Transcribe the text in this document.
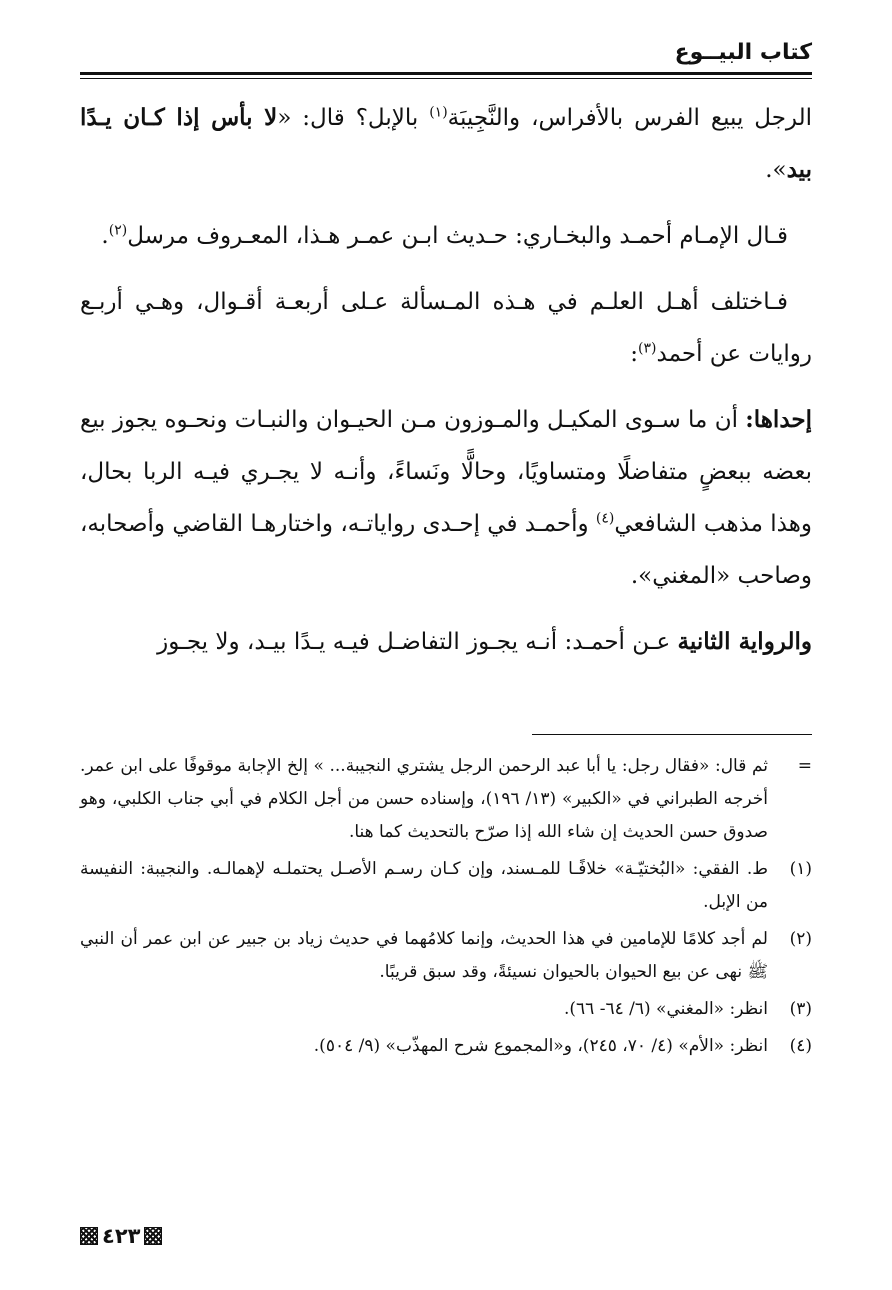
كتاب البيــوع

الرجل يبيع الفرس بالأفراس، والنَّجِيبَة$^{(١)}$ بالإبل؟ قال: «لا بأس إذا كـان يـدًا بيد».

قـال الإمـام أحمـد والبخـاري: حـديث ابـن عمـر هـذا، المعـروف مرسل$^{(٢)}$.

فـاختلف أهـل العلـم في هـذه المـسألة عـلى أربعـة أقـوال، وهـي أربـع روايات عن أحمد$^{(٣)}$:

إحداها: أن ما سـوى المكيـل والمـوزون مـن الحيـوان والنبـات ونحـوه يجوز بيع بعضه ببعضٍ متفاضلًا ومتساويًا، وحالًّا ونَساءً، وأنـه لا يجـري فيـه الربا بحال، وهذا مذهب الشافعي$^{(٤)}$ وأحمـد في إحـدى رواياتـه، واختارهـا القاضي وأصحابه، وصاحب «المغني».

والرواية الثانية عـن أحمـد: أنـه يجـوز التفاضـل فيـه يـدًا بيـد، ولا يجـوز

=
ثم قال: «فقال رجل: يا أبا عبد الرحمن الرجل يشتري النجيبة... » إلخ الإجابة موقوفًا على ابن عمر. أخرجه الطبراني في «الكبير» (١٣/ ١٩٦)، وإسناده حسن من أجل الكلام في أبي جناب الكلبي، وهو صدوق حسن الحديث إن شاء الله إذا صرّح بالتحديث كما هنا.
(١)
ط. الفقي: «البُختيّـة» خلافًـا للمـسند، وإن كـان رسـم الأصـل يحتملـه لإهمالـه. والنجيبة: النفيسة من الإبل.
(٢)
لم أجد كلامًا للإمامين في هذا الحديث، وإنما كلامُهما في حديث زياد بن جبير عن ابن عمر أن النبي ﷺ نهى عن بيع الحيوان بالحيوان نسيئةً، وقد سبق قريبًا.
(٣)
انظر: «المغني» (٦/ ٦٤- ٦٦).
(٤)
انظر: «الأم» (٤/ ٧٠، ٢٤٥)، و«المجموع شرح المهذّب» (٩/ ٥٠٤).
٤٢٣
